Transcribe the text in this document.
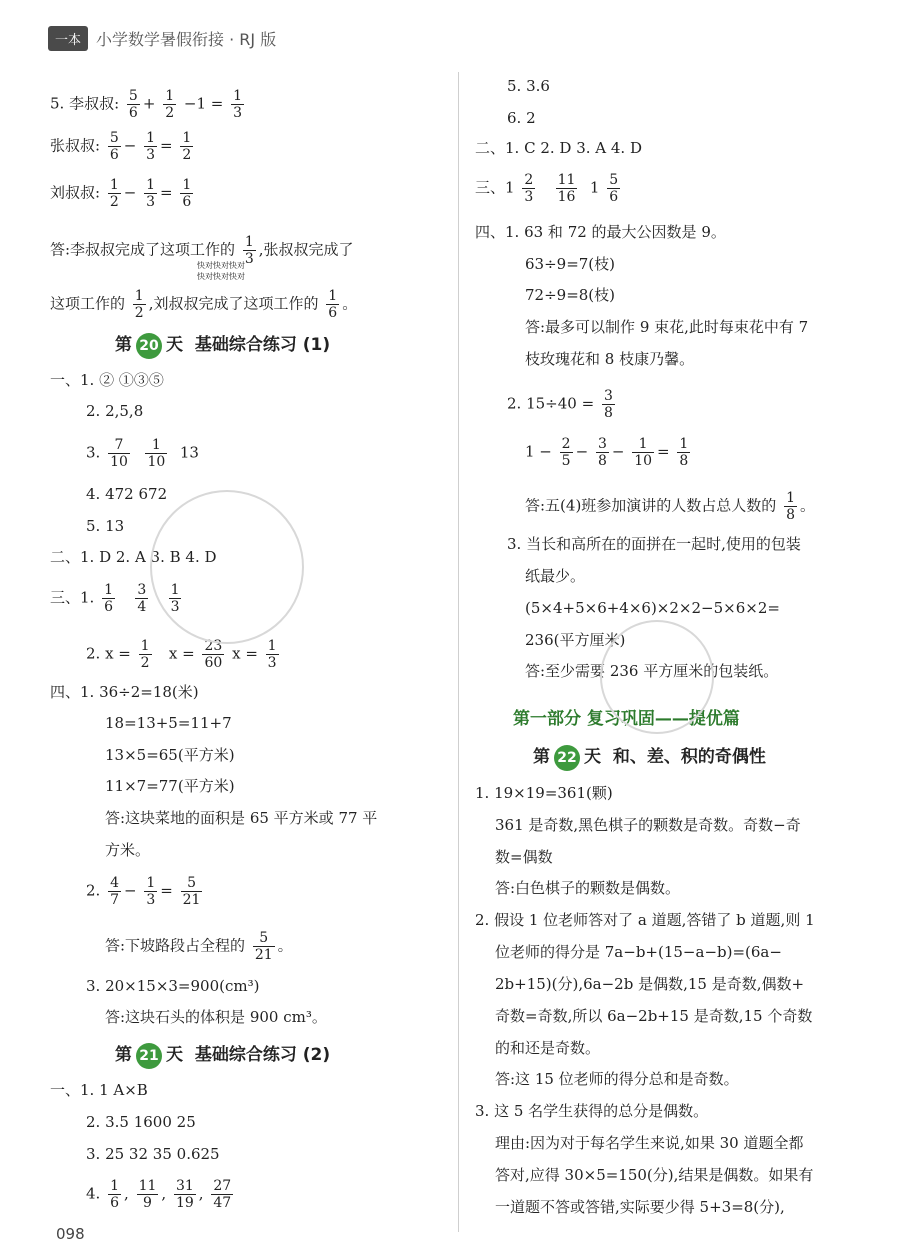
一本 小学数学暑假衔接 · RJ 版
5. 李叔叔: $\frac{5}{6} + \frac{1}{2} -1 = \frac{1}{3}$
张叔叔: $\frac{5}{6} - \frac{1}{3} = \frac{1}{2}$
刘叔叔: $\frac{1}{2} - \frac{1}{3} = \frac{1}{6}$
答:李叔叔完成了这项工作的 $\frac{1}{3}$ ,张叔叔完成了
快对快对快对
快对快对快对
这项工作的 $\frac{1}{2}$ ,刘叔叔完成了这项工作的 $\frac{1}{6}$ 。
第 20 天 基础综合练习 (1)
一、1. ② ①③⑤
2. 2,5,8
3. $\frac{7}{10}$
$\frac{1}{10} 13$
4. 472 672
5. 13
二、1. D 2. A 3. B 4. D
三、1. $\frac{1}{6}$
$\frac{3}{4}$
$\frac{1}{3}$
2. $x = \frac{1}{2}$ $x = \frac{23}{60}$ $x = \frac{1}{3}$
四、1. 36÷2=18(米)
18=13+5=11+7
13×5=65(平方米)
11×7=77(平方米)
答:这块菜地的面积是 65 平方米或 77 平
方米。
2. $\frac{4}{7} - \frac{1}{3} = \frac{5}{21}$
答:下坡路段占全程的 $\frac{5}{21}$ 。
3. 20×15×3=900(cm³)
答:这块石头的体积是 900 cm³。
第 21 天 基础综合练习 (2)
一、1. 1 A×B
2. 3.5 1600 25
3. 25 32 35 0.625
4. $\frac{1}{6}$ , $\frac{11}{9}$ , $\frac{31}{19}$ , $\frac{27}{47}$
5. 3.6
6. 2
二、1. C 2. D 3. A 4. D
三、$1 \frac{2}{3}$
$\frac{11}{16} 1 \frac{5}{6}$
四、1. 63 和 72 的最大公因数是 9。
63÷9=7(枝)
72÷9=8(枝)
答:最多可以制作 9 束花,此时每束花中有 7
枝玫瑰花和 8 枝康乃馨。
2. $15\div 40 = \frac{3}{8}$
$1 - \frac{2}{5} - \frac{3}{8} - \frac{1}{10} = \frac{1}{8}$
答:五(4)班参加演讲的人数占总人数的 $\frac{1}{8}$ 。
3. 当长和高所在的面拼在一起时,使用的包装
纸最少。
(5×4+5×6+4×6)×2×2−5×6×2=
236(平方厘米)
答:至少需要 236 平方厘米的包装纸。
第一部分 复习巩固——提优篇
第 22 天 和、差、积的奇偶性
1. 19×19=361(颗)
361 是奇数,黑色棋子的颗数是奇数。奇数−奇
数=偶数
答:白色棋子的颗数是偶数。
2. 假设 1 位老师答对了 a 道题,答错了 b 道题,则 1
位老师的得分是 7a−b+(15−a−b)=(6a−
2b+15)(分),6a−2b 是偶数,15 是奇数,偶数+
奇数=奇数,所以 6a−2b+15 是奇数,15 个奇数
的和还是奇数。
答:这 15 位老师的得分总和是奇数。
3. 这 5 名学生获得的总分是偶数。
理由:因为对于每名学生来说,如果 30 道题全都
答对,应得 30×5=150(分),结果是偶数。如果有
一道题不答或答错,实际要少得 5+3=8(分),
098
